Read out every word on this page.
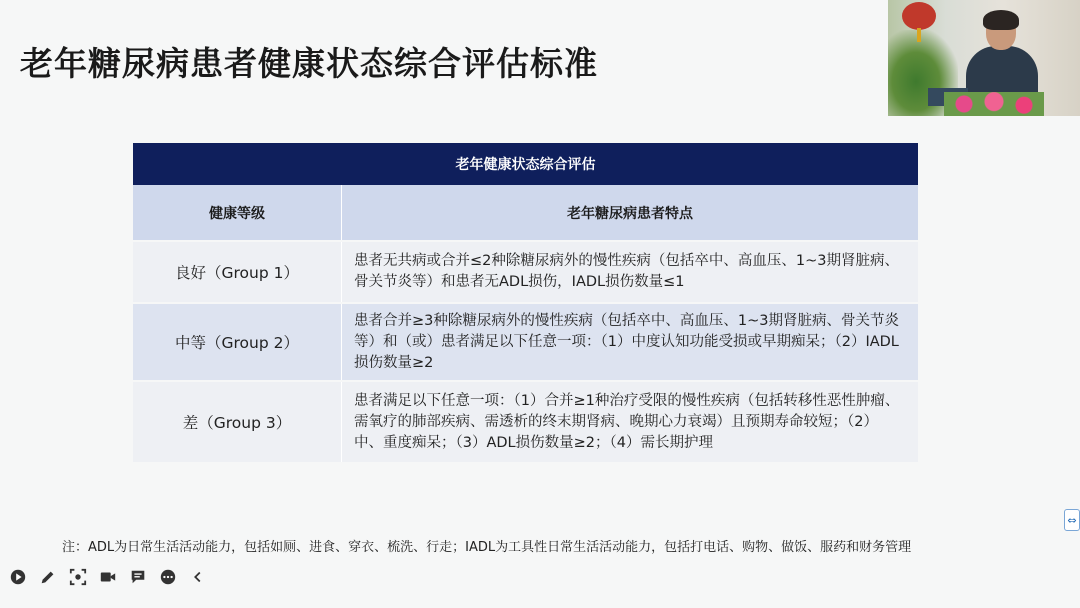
老年糖尿病患者健康状态综合评估标准
老年健康状态综合评估
健康等级	老年糖尿病患者特点
良好（Group 1）
患者无共病或合并≤2种除糖尿病外的慢性疾病（包括卒中、高血压、1~3期肾脏病、骨关节炎等）和患者无ADL损伤，IADL损伤数量≤1
中等（Group 2）
患者合并≥3种除糖尿病外的慢性疾病（包括卒中、高血压、1~3期肾脏病、骨关节炎等）和（或）患者满足以下任意一项：（1）中度认知功能受损或早期痴呆；（2）IADL损伤数量≥2
差（Group 3）
患者满足以下任意一项：（1）合并≥1种治疗受限的慢性疾病（包括转移性恶性肿瘤、需氧疗的肺部疾病、需透析的终末期肾病、晚期心力衰竭）且预期寿命较短；（2）中、重度痴呆；（3）ADL损伤数量≥2；（4）需长期护理
注：ADL为日常生活活动能力，包括如厕、进食、穿衣、梳洗、行走；IADL为工具性日常生活活动能力，包括打电话、购物、做饭、服药和财务管理
⇔
